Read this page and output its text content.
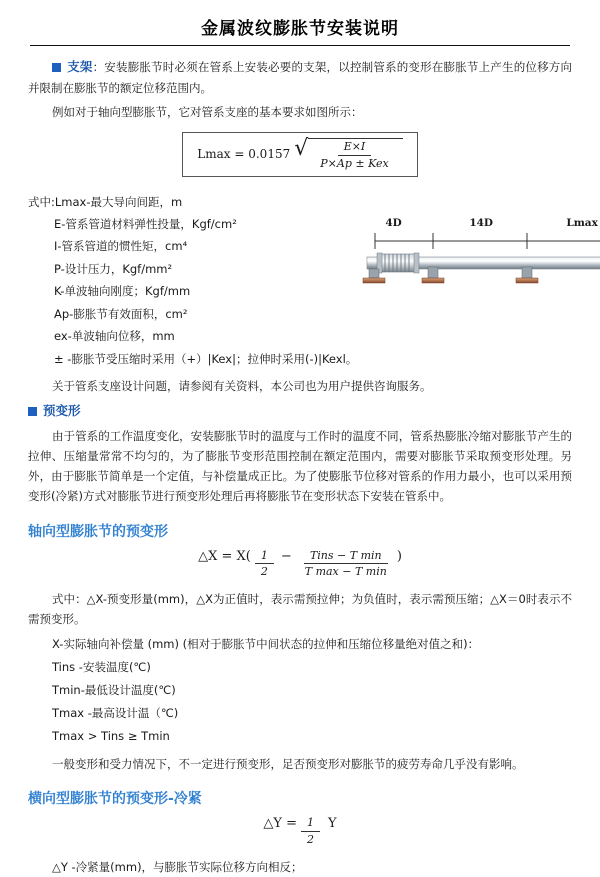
金属波纹膨胀节安装说明

支架：安装膨胀节时必须在管系上安装必要的支架，以控制管系的变形在膨胀节上产生的位移方向并限制在膨胀节的额定位移范围内。

例如对于轴向型膨胀节，它对管系支座的基本要求如图所示：

Lmax = 0.0157 √ $\frac{E\times I}{\text{P×Ap ± Kex}}$
式中:Lmax-最大导向间距，m
E-管系管道材料弹性投量，Kgf/cm²
I-管系管道的惯性矩，cm⁴
P-设计压力，Kgf/mm²
K-单波轴向刚度；Kgf/mm
Ap-膨胀节有效面积，cm²
ex-单波轴向位移，mm
± -膨胀节受压缩时采用（+）|Kex|；拉伸时采用(-)|Kexl。
4D	14D	Lmax

关于管系支座设计问题，请参阅有关资料，本公司也为用户提供咨询服务。

预变形

由于管系的工作温度变化，安装膨胀节时的温度与工作时的温度不同，管系热膨胀冷缩对膨胀节产生的拉伸、压缩量常常不均匀的，为了膨胀节变形范围控制在额定范围内，需要对膨胀节采取预变形处理。另外，由于膨胀节简单是一个定值，与补偿量成正比。为了使膨胀节位移对管系的作用力最小，也可以采用预变形(冷紧)方式对膨胀节进行预变形处理后再将膨胀节在变形状态下安装在管系中。

轴向型膨胀节的预变形
△X = $X( \frac{1}{2} - \frac{\text{Tins − T min}}{\text{T max − T min}}$ )

式中：△X-预变形量(mm)，△X为正值时，表示需预拉伸；为负值时，表示需预压缩；△X＝0时表示不需预变形。

X-实际轴向补偿量 (mm) (相对于膨胀节中间状态的拉伸和压缩位移量绝对值之和)：
Tins -安装温度(℃)
Tmin-最低设计温度(℃)
Tmax -最高设计温（℃)
Tmax > Tins ≥ Tmin

一般变形和受力情况下，不一定进行预变形，足否预变形对膨胀节的疲劳寿命几乎没有影响。

横向型膨胀节的预变形-冷紧
△Y = $\frac{1}{2}$ Y

△Y -冷紧量(mm)，与膨胀节实际位移方向相反；
